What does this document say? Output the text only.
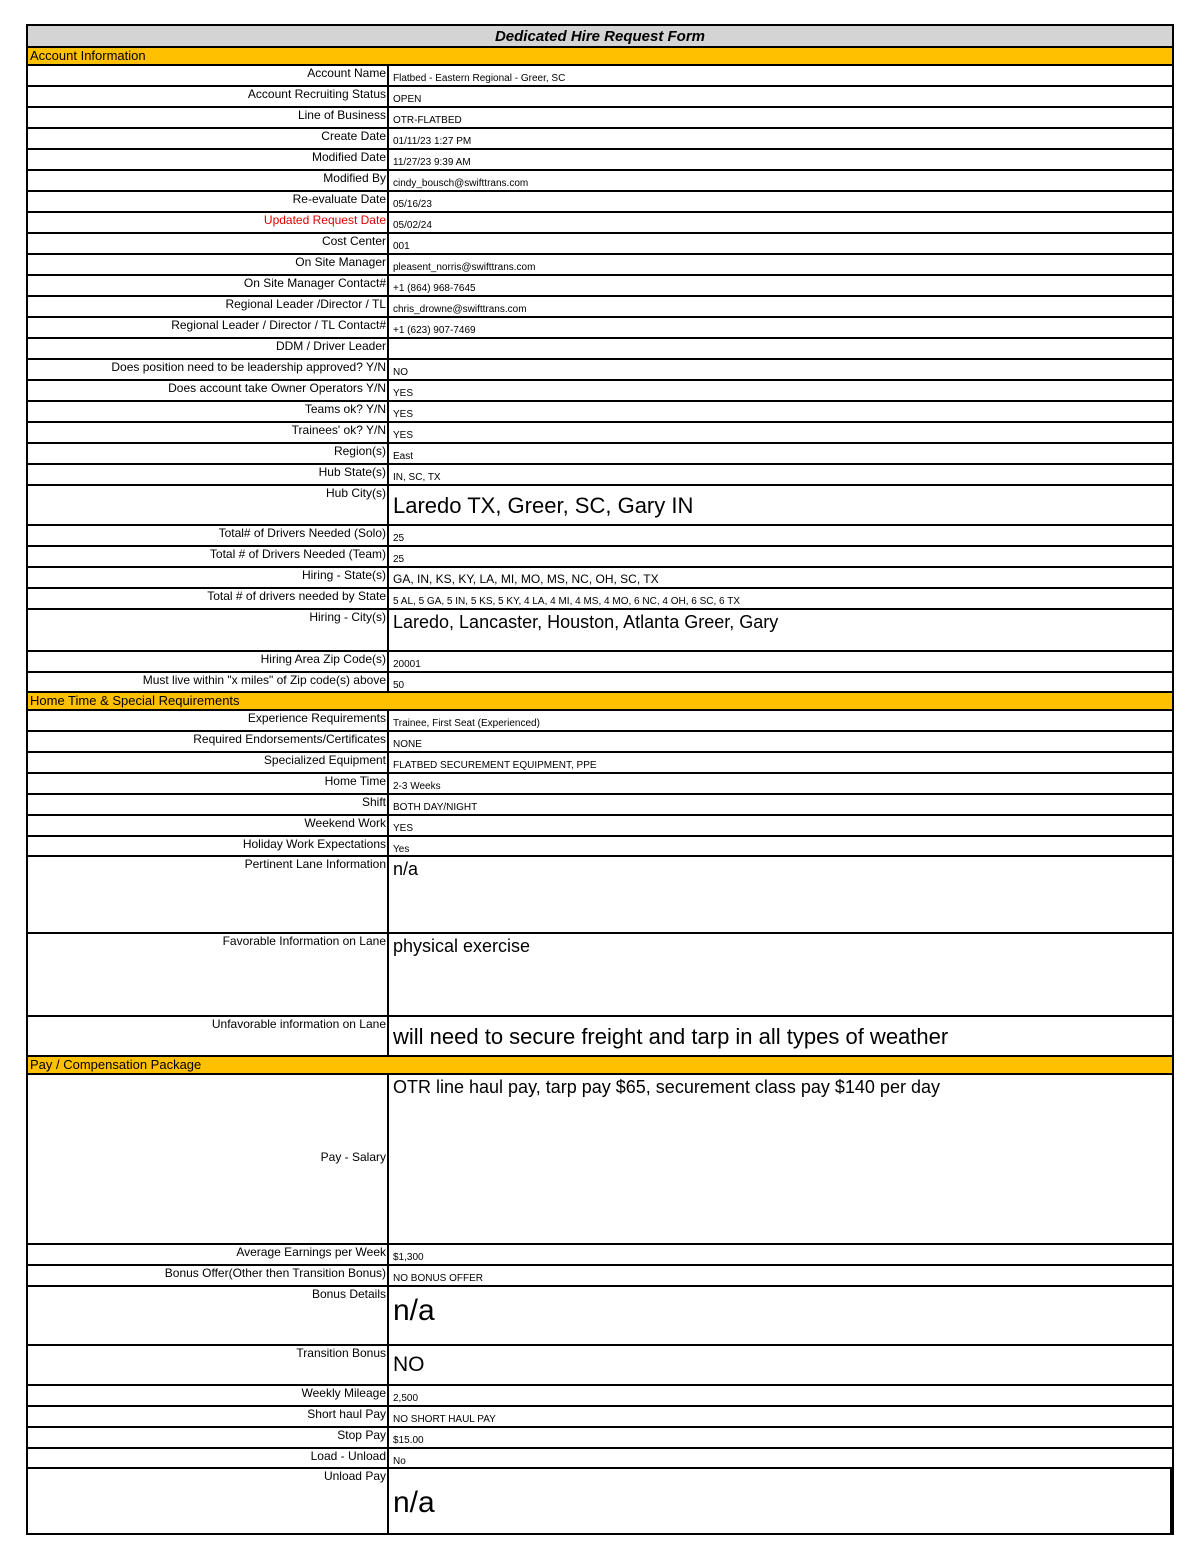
Dedicated Hire Request Form
Account Information
Account Name Flatbed - Eastern Regional - Greer, SC
Account Recruiting Status OPEN
Line of Business OTR-FLATBED
Create Date 01/11/23 1:27 PM
Modified Date 11/27/23 9:39 AM
Modified By cindy_bousch@swifttrans.com
Re-evaluate Date 05/16/23
Updated Request Date 05/02/24
Cost Center 001
On Site Manager pleasent_norris@swifttrans.com
On Site Manager Contact# +1 (864) 968-7645
Regional Leader /Director / TL chris_drowne@swifttrans.com
Regional Leader / Director / TL Contact# +1 (623) 907-7469
DDM / Driver Leader
Does position need to be leadership approved? Y/N NO
Does account take Owner Operators Y/N YES
Teams ok? Y/N YES
Trainees' ok? Y/N YES
Region(s) East
Hub State(s) IN, SC, TX
Hub City(s) Laredo TX, Greer, SC, Gary IN
Total# of Drivers Needed (Solo) 25
Total # of Drivers Needed (Team) 25
Hiring - State(s) GA, IN, KS, KY, LA, MI, MO, MS, NC, OH, SC, TX
Total # of drivers needed by State 5 AL, 5 GA, 5 IN, 5 KS, 5 KY, 4 LA, 4 MI, 4 MS, 4 MO, 6 NC, 4 OH, 6 SC, 6 TX
Hiring - City(s) Laredo, Lancaster, Houston, Atlanta Greer, Gary
Hiring Area Zip Code(s) 20001
Must live within "x miles" of Zip code(s) above 50
Home Time & Special Requirements
Experience Requirements Trainee, First Seat (Experienced)
Required Endorsements/Certificates NONE
Specialized Equipment FLATBED SECUREMENT EQUIPMENT, PPE
Home Time 2-3 Weeks
Shift BOTH DAY/NIGHT
Weekend Work YES
Holiday Work Expectations Yes
Pertinent Lane Information n/a
Favorable Information on Lane physical exercise
Unfavorable information on Lane will need to secure freight and tarp in all types of weather
Pay / Compensation Package
Pay - Salary
OTR line haul pay, tarp pay $65, securement class pay $140 per day
Average Earnings per Week $1,300
Bonus Offer(Other then Transition Bonus) NO BONUS OFFER
Bonus Details n/a
Transition Bonus NO
Weekly Mileage 2,500
Short haul Pay NO SHORT HAUL PAY
Stop Pay $15.00
Load - Unload No
Unload Pay
n/a
